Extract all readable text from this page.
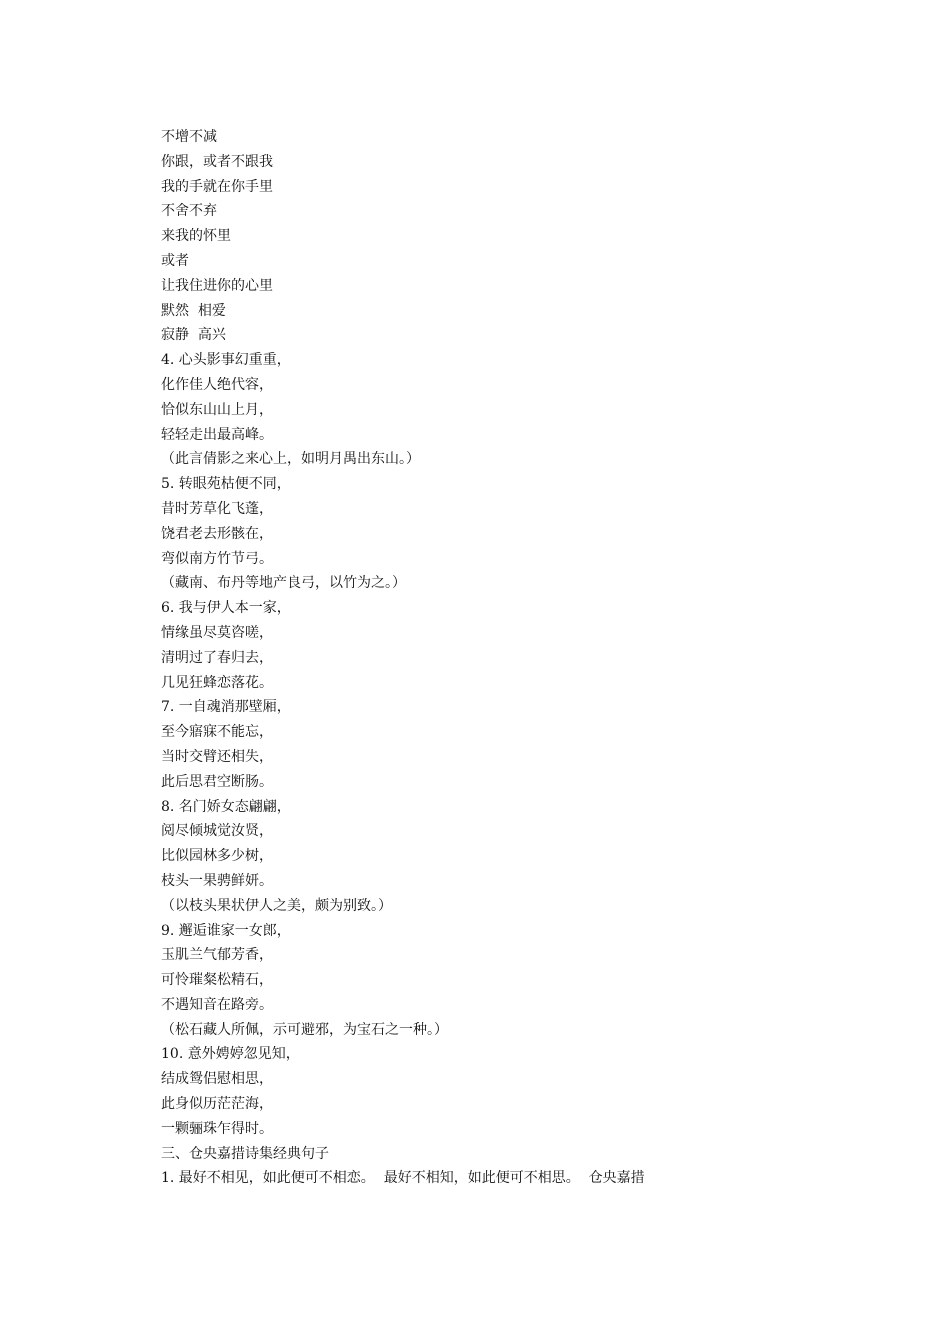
不增不减
你跟，或者不跟我
我的手就在你手里
不舍不弃
来我的怀里
或者
让我住进你的心里
默然  相爱
寂静  高兴
4. 心头影事幻重重，
化作佳人绝代容，
恰似东山山上月，
轻轻走出最高峰。
（此言倩影之来心上，如明月禺出东山。）
5. 转眼苑枯便不同，
昔时芳草化飞蓬，
饶君老去形骸在，
弯似南方竹节弓。
（藏南、布丹等地产良弓，以竹为之。）
6. 我与伊人本一家，
情缘虽尽莫咨嗟，
清明过了春归去，
几见狂蜂恋落花。
7. 一自魂消那壁厢，
至今寤寐不能忘，
当时交臂还相失，
此后思君空断肠。
8. 名门娇女态翩翩，
阅尽倾城觉汝贤，
比似园林多少树，
枝头一果骋鲜妍。
（以枝头果状伊人之美，颇为别致。）
9. 邂逅谁家一女郎，
玉肌兰气郁芳香，
可怜璀粲松精石，
不遇知音在路旁。
（松石藏人所佩，示可避邪，为宝石之一种。）
10. 意外娉婷忽见知，
结成鸳侣慰相思，
此身似历茫茫海，
一颗骊珠乍得时。
三、仓央嘉措诗集经典句子
1. 最好不相见，如此便可不相恋。  最好不相知，如此便可不相思。  仓央嘉措
